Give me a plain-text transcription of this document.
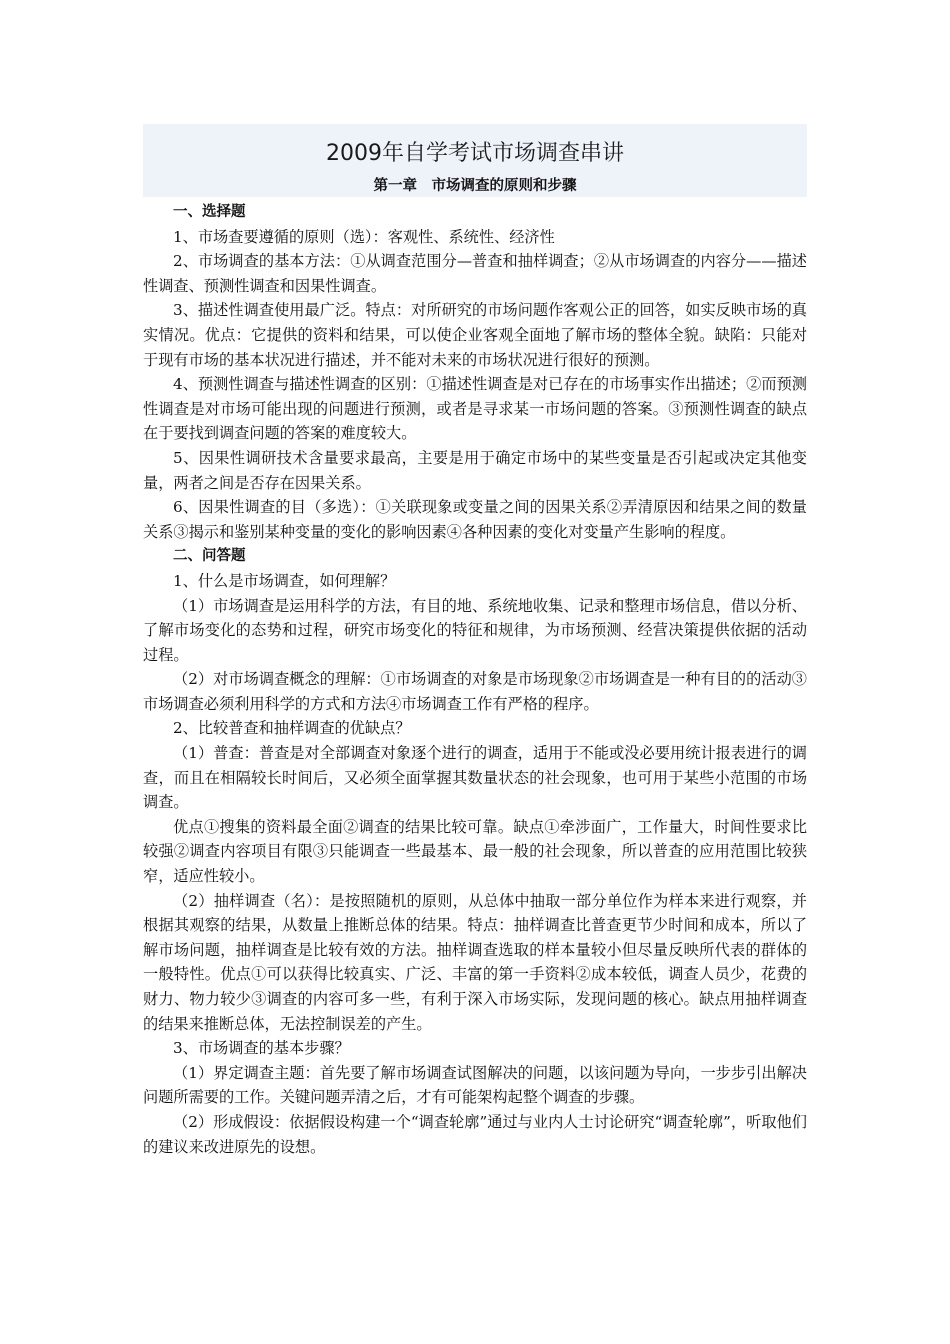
2009年自学考试市场调查串讲
第一章　市场调查的原则和步骤
一、选择题

1、市场查要遵循的原则（选）：客观性、系统性、经济性

2、市场调查的基本方法：①从调查范围分—普查和抽样调查；②从市场调查的内容分——描述性调查、预测性调查和因果性调查。

3、描述性调查使用最广泛。特点：对所研究的市场问题作客观公正的回答，如实反映市场的真实情况。优点：它提供的资料和结果，可以使企业客观全面地了解市场的整体全貌。缺陷：只能对于现有市场的基本状况进行描述，并不能对未来的市场状况进行很好的预测。

4、预测性调查与描述性调查的区别：①描述性调查是对已存在的市场事实作出描述；②而预测性调查是对市场可能出现的问题进行预测，或者是寻求某一市场问题的答案。③预测性调查的缺点在于要找到调查问题的答案的难度较大。

5、因果性调研技术含量要求最高，主要是用于确定市场中的某些变量是否引起或决定其他变量，两者之间是否存在因果关系。

6、因果性调查的目（多选）：①关联现象或变量之间的因果关系②弄清原因和结果之间的数量关系③揭示和鉴别某种变量的变化的影响因素④各种因素的变化对变量产生影响的程度。

二、问答题

1、什么是市场调查，如何理解？

（1）市场调查是运用科学的方法，有目的地、系统地收集、记录和整理市场信息，借以分析、了解市场变化的态势和过程，研究市场变化的特征和规律，为市场预测、经营决策提供依据的活动过程。

（2）对市场调查概念的理解：①市场调查的对象是市场现象②市场调查是一种有目的的活动③市场调查必须利用科学的方式和方法④市场调查工作有严格的程序。

2、比较普查和抽样调查的优缺点？

（1）普查：普查是对全部调查对象逐个进行的调查，适用于不能或没必要用统计报表进行的调查，而且在相隔较长时间后，又必须全面掌握其数量状态的社会现象，也可用于某些小范围的市场调查。

优点①搜集的资料最全面②调查的结果比较可靠。缺点①牵涉面广，工作量大，时间性要求比较强②调查内容项目有限③只能调查一些最基本、最一般的社会现象，所以普查的应用范围比较狭窄，适应性较小。

（2）抽样调查（名）：是按照随机的原则，从总体中抽取一部分单位作为样本来进行观察，并根据其观察的结果，从数量上推断总体的结果。特点：抽样调查比普查更节少时间和成本，所以了解市场问题，抽样调查是比较有效的方法。抽样调查选取的样本量较小但尽量反映所代表的群体的一般特性。优点①可以获得比较真实、广泛、丰富的第一手资料②成本较低，调查人员少，花费的财力、物力较少③调查的内容可多一些，有利于深入市场实际，发现问题的核心。缺点用抽样调查的结果来推断总体，无法控制误差的产生。

3、市场调查的基本步骤？

（1）界定调查主题：首先要了解市场调查试图解决的问题，以该问题为导向，一步步引出解决问题所需要的工作。关键问题弄清之后，才有可能架构起整个调查的步骤。

（2）形成假设：依据假设构建一个“调查轮廓”通过与业内人士讨论研究“调查轮廓”，听取他们的建议来改进原先的设想。
